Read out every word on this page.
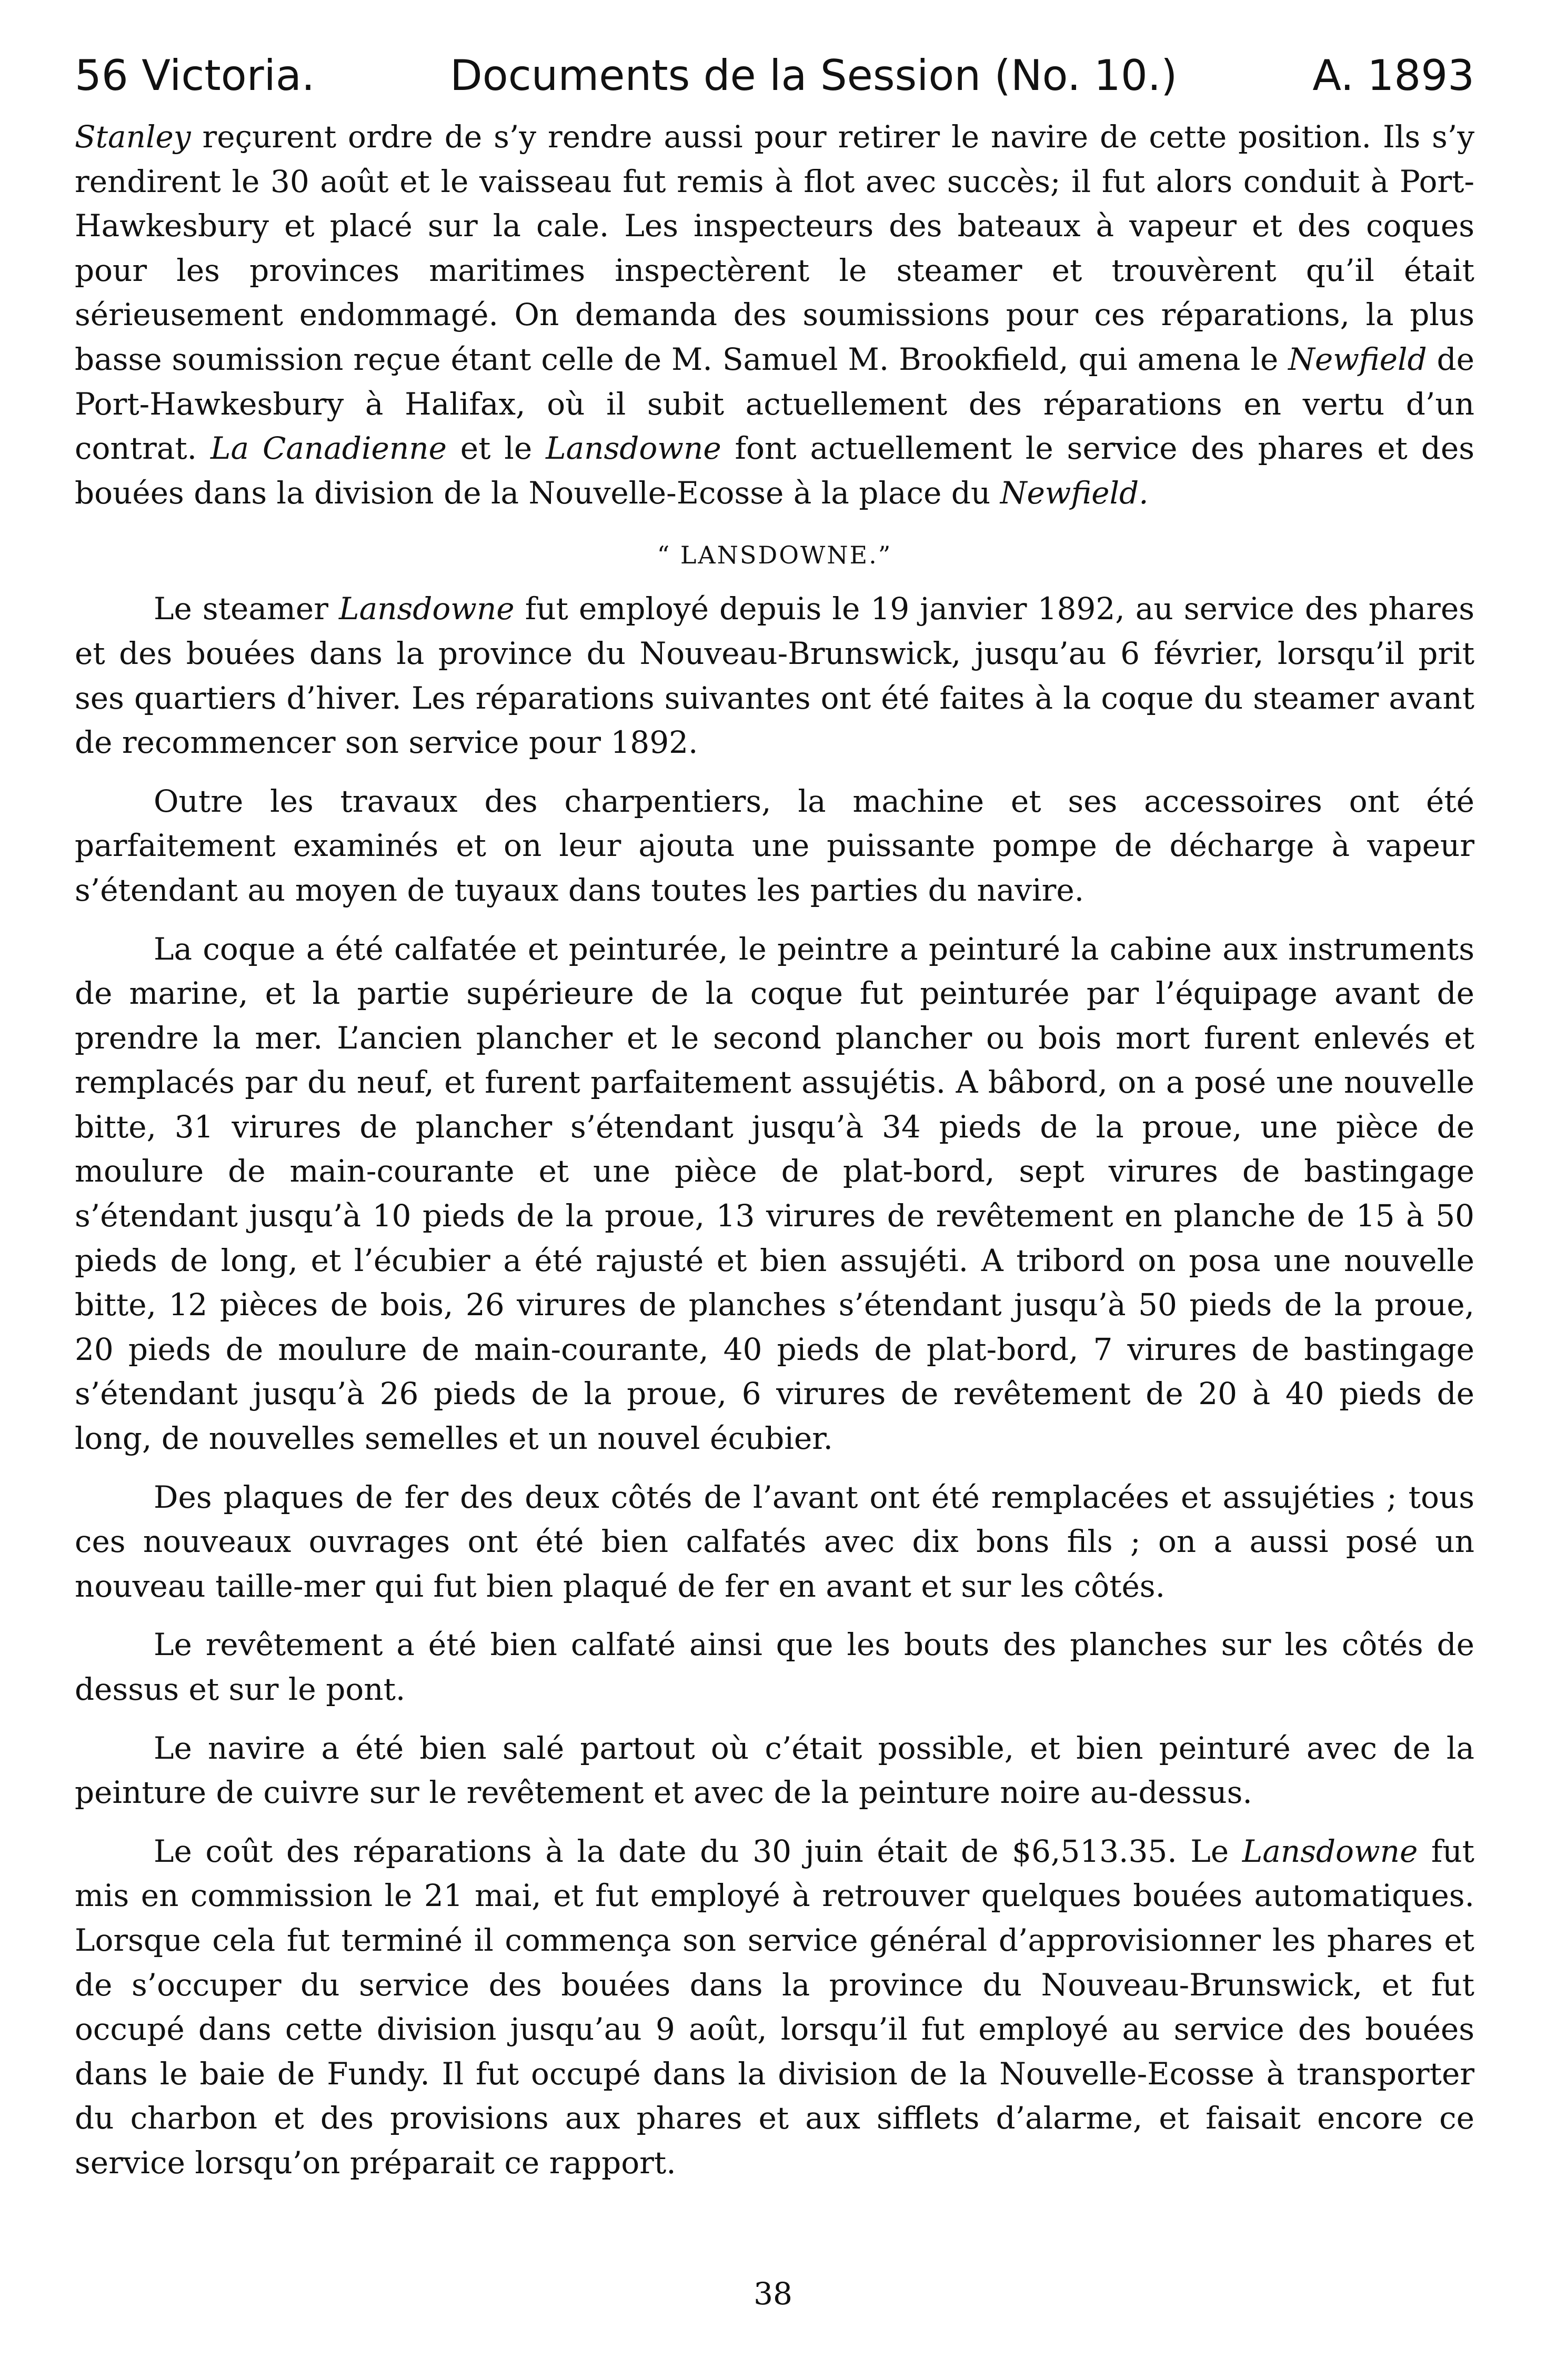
56 Victoria.	Documents de la Session (No. 10.)	A. 1893

Stanley reçurent ordre de s’y rendre aussi pour retirer le navire de cette position. Ils s’y rendirent le 30 août et le vaisseau fut remis à flot avec succès; il fut alors conduit à Port-Hawkesbury et placé sur la cale. Les inspecteurs des bateaux à vapeur et des coques pour les provinces maritimes inspectèrent le steamer et trouvèrent qu’il était sérieusement endommagé. On demanda des soumissions pour ces réparations, la plus basse soumission reçue étant celle de M. Samuel M. Brookfield, qui amena le Newfield de Port-Hawkesbury à Halifax, où il subit actuellement des réparations en vertu d’un contrat. La Canadienne et le Lansdowne font actuellement le service des phares et des bouées dans la division de la Nouvelle-Ecosse à la place du Newfield.

“ LANSDOWNE.”

Le steamer Lansdowne fut employé depuis le 19 janvier 1892, au service des phares et des bouées dans la province du Nouveau-Brunswick, jusqu’au 6 février, lorsqu’il prit ses quartiers d’hiver. Les réparations suivantes ont été faites à la coque du steamer avant de recommencer son service pour 1892.

Outre les travaux des charpentiers, la machine et ses accessoires ont été parfaitement examinés et on leur ajouta une puissante pompe de décharge à vapeur s’étendant au moyen de tuyaux dans toutes les parties du navire.

La coque a été calfatée et peinturée, le peintre a peinturé la cabine aux instruments de marine, et la partie supérieure de la coque fut peinturée par l’équipage avant de prendre la mer. L’ancien plancher et le second plancher ou bois mort furent enlevés et remplacés par du neuf, et furent parfaitement assujétis. A bâbord, on a posé une nouvelle bitte, 31 virures de plancher s’étendant jusqu’à 34 pieds de la proue, une pièce de moulure de main-courante et une pièce de plat-bord, sept virures de bastingage s’étendant jusqu’à 10 pieds de la proue, 13 virures de revêtement en planche de 15 à 50 pieds de long, et l’écubier a été rajusté et bien assujéti. A tribord on posa une nouvelle bitte, 12 pièces de bois, 26 virures de planches s’étendant jusqu’à 50 pieds de la proue, 20 pieds de moulure de main-courante, 40 pieds de plat-bord, 7 virures de bastingage s’étendant jusqu’à 26 pieds de la proue, 6 virures de revêtement de 20 à 40 pieds de long, de nouvelles semelles et un nouvel écubier.

Des plaques de fer des deux côtés de l’avant ont été remplacées et assujéties ; tous ces nouveaux ouvrages ont été bien calfatés avec dix bons fils ; on a aussi posé un nouveau taille-mer qui fut bien plaqué de fer en avant et sur les côtés.

Le revêtement a été bien calfaté ainsi que les bouts des planches sur les côtés de dessus et sur le pont.

Le navire a été bien salé partout où c’était possible, et bien peinturé avec de la peinture de cuivre sur le revêtement et avec de la peinture noire au-dessus.

Le coût des réparations à la date du 30 juin était de $6,513.35. Le Lansdowne fut mis en commission le 21 mai, et fut employé à retrouver quelques bouées automatiques. Lorsque cela fut terminé il commença son service général d’approvisionner les phares et de s’occuper du service des bouées dans la province du Nouveau-Brunswick, et fut occupé dans cette division jusqu’au 9 août, lorsqu’il fut employé au service des bouées dans le baie de Fundy. Il fut occupé dans la division de la Nouvelle-Ecosse à transporter du charbon et des provisions aux phares et aux sifflets d’alarme, et faisait encore ce service lorsqu’on préparait ce rapport.

38
